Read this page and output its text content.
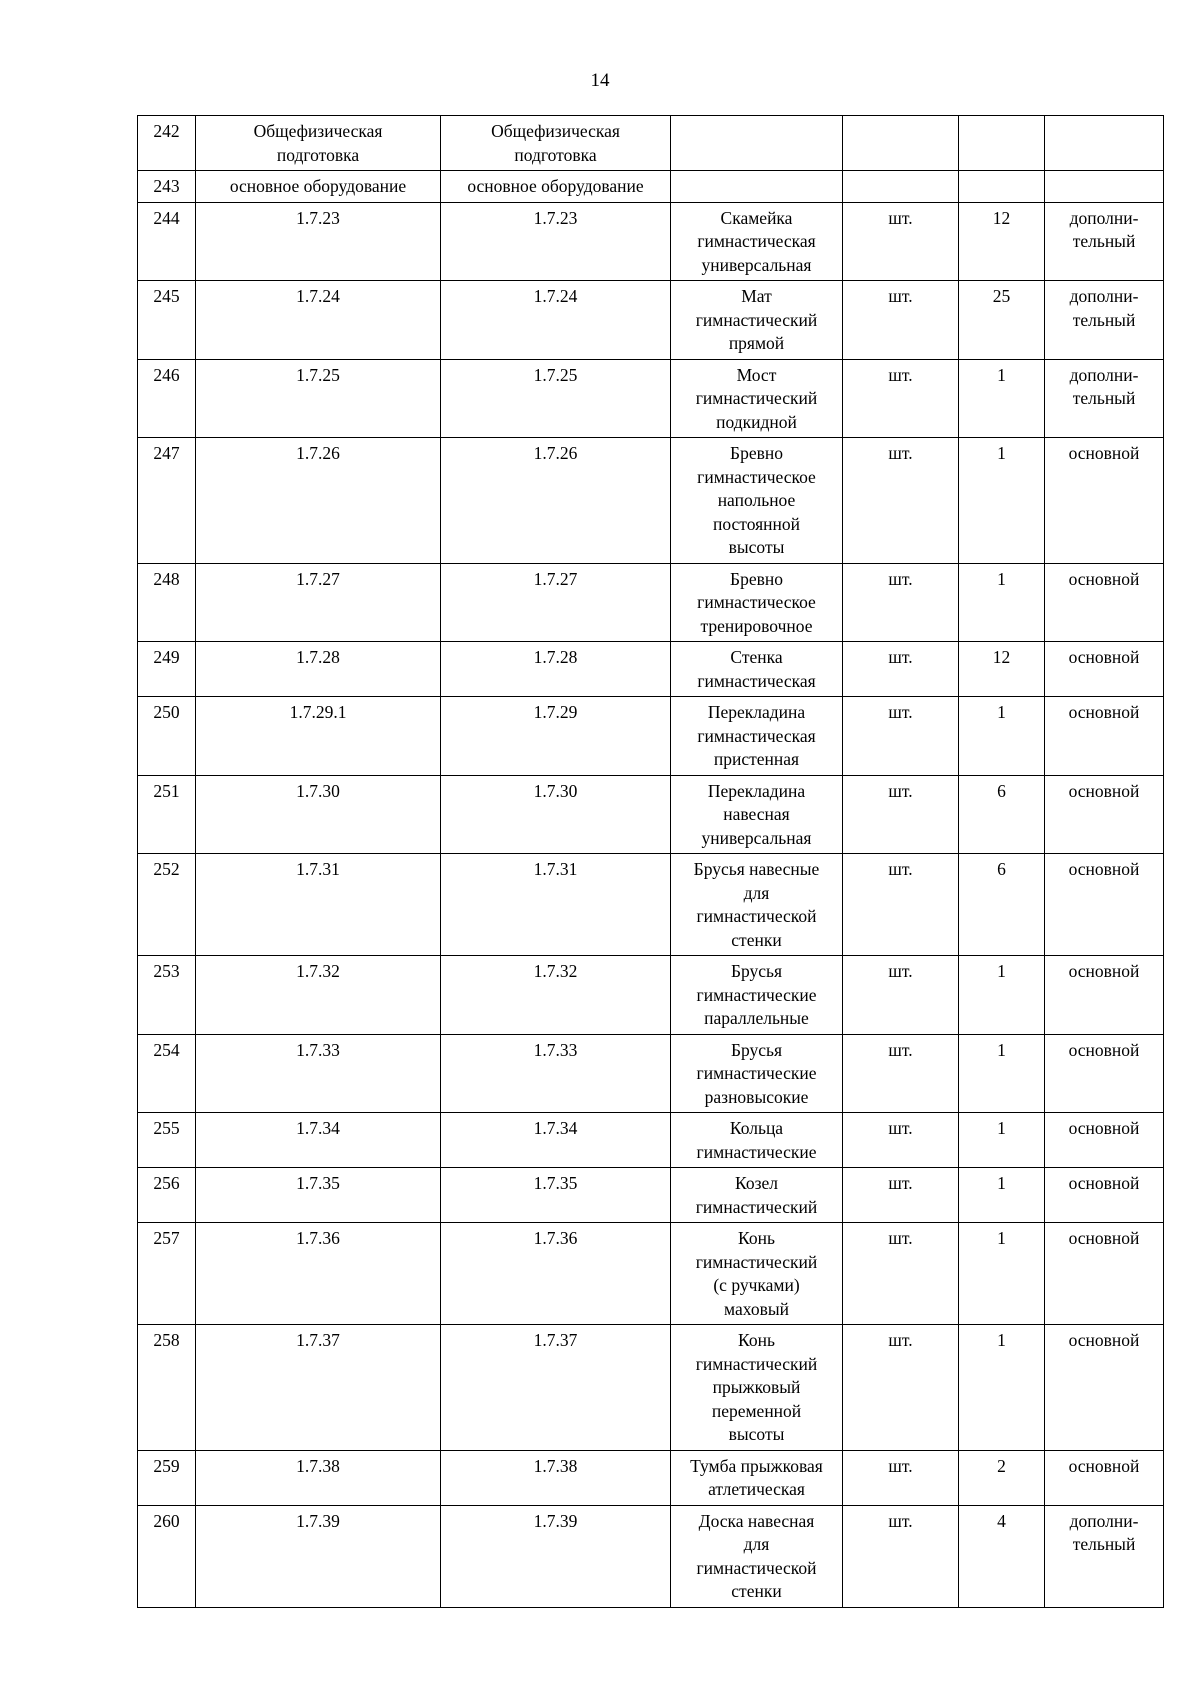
14
242	Общефизическая
подготовка	Общефизическая
подготовка				
243	основное оборудование	основное оборудование				
244	1.7.23	1.7.23	Скамейка
гимнастическая
универсальная	шт.	12	дополни-
тельный
245	1.7.24	1.7.24	Мат
гимнастический
прямой	шт.	25	дополни-
тельный
246	1.7.25	1.7.25	Мост
гимнастический
подкидной	шт.	1	дополни-
тельный
247	1.7.26	1.7.26	Бревно
гимнастическое
напольное
постоянной
высоты	шт.	1	основной
248	1.7.27	1.7.27	Бревно
гимнастическое
тренировочное	шт.	1	основной
249	1.7.28	1.7.28	Стенка
гимнастическая	шт.	12	основной
250	1.7.29.1	1.7.29	Перекладина
гимнастическая
пристенная	шт.	1	основной
251	1.7.30	1.7.30	Перекладина
навесная
универсальная	шт.	6	основной
252	1.7.31	1.7.31	Брусья навесные
для
гимнастической
стенки	шт.	6	основной
253	1.7.32	1.7.32	Брусья
гимнастические
параллельные	шт.	1	основной
254	1.7.33	1.7.33	Брусья
гимнастические
разновысокие	шт.	1	основной
255	1.7.34	1.7.34	Кольца
гимнастические	шт.	1	основной
256	1.7.35	1.7.35	Козел
гимнастический	шт.	1	основной
257	1.7.36	1.7.36	Конь
гимнастический
(с ручками)
маховый	шт.	1	основной
258	1.7.37	1.7.37	Конь
гимнастический
прыжковый
переменной
высоты	шт.	1	основной
259	1.7.38	1.7.38	Тумба прыжковая
атлетическая	шт.	2	основной
260	1.7.39	1.7.39	Доска навесная
для
гимнастической
стенки	шт.	4	дополни-
тельный
